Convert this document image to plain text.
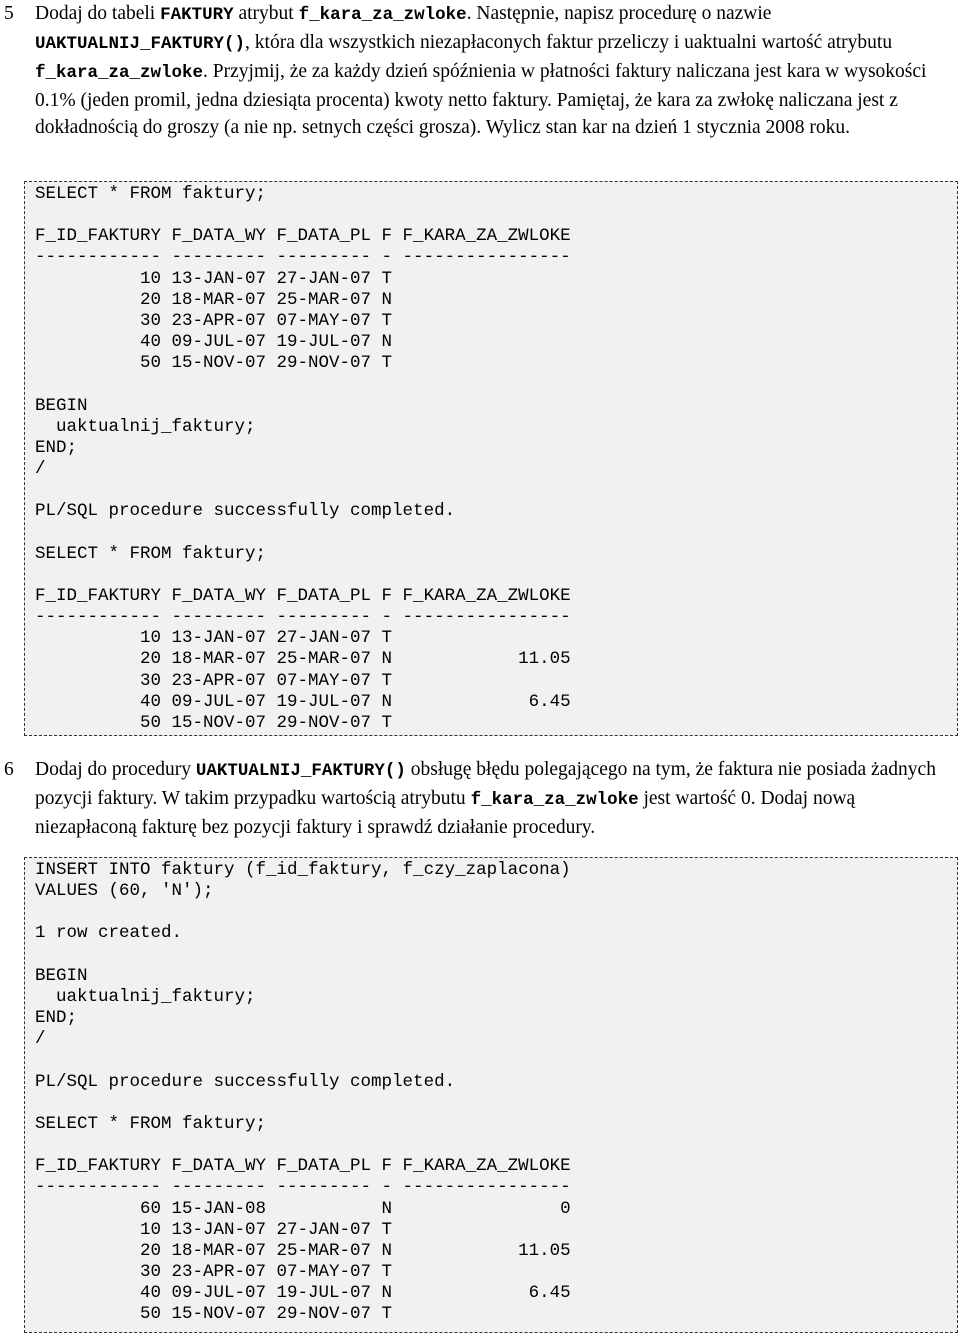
5 Dodaj do tabeli FAKTURY atrybut f_kara_za_zwloke. Następnie, napisz procedurę o nazwie UAKTUALNIJ_FAKTURY(), która dla wszystkich niezapłaconych faktur przeliczy i uaktualni wartość atrybutu f_kara_za_zwloke. Przyjmij, że za każdy dzień spóźnienia w płatności faktury naliczana jest kara w wysokości 0.1% (jeden promil, jedna dziesiąta procenta) kwoty netto faktury. Pamiętaj, że kara za zwłokę naliczana jest z dokładnością do groszy (a nie np. setnych części grosza). Wylicz stan kar na dzień 1 stycznia 2008 roku.
SELECT * FROM faktury;

F_ID_FAKTURY F_DATA_WY F_DATA_PL F F_KARA_ZA_ZWLOKE
------------ --------- --------- - ----------------
10 13-JAN-07 27-JAN-07 T
20 18-MAR-07 25-MAR-07 N
30 23-APR-07 07-MAY-07 T
40 09-JUL-07 19-JUL-07 N
50 15-NOV-07 29-NOV-07 T

BEGIN
uaktualnij_faktury;
END;
/

PL/SQL procedure successfully completed.

SELECT * FROM faktury;

F_ID_FAKTURY F_DATA_WY F_DATA_PL F F_KARA_ZA_ZWLOKE
------------ --------- --------- - ----------------
10 13-JAN-07 27-JAN-07 T
20 18-MAR-07 25-MAR-07 N            11.05
30 23-APR-07 07-MAY-07 T
40 09-JUL-07 19-JUL-07 N             6.45
50 15-NOV-07 29-NOV-07 T
6 Dodaj do procedury UAKTUALNIJ_FAKTURY() obsługę błędu polegającego na tym, że faktura nie posiada żadnych pozycji faktury. W takim przypadku wartością atrybutu f_kara_za_zwloke jest wartość 0. Dodaj nową niezapłaconą fakturę bez pozycji faktury i sprawdź działanie procedury.
INSERT INTO faktury (f_id_faktury, f_czy_zaplacona)
VALUES (60, 'N');

1 row created.

BEGIN
uaktualnij_faktury;
END;
/

PL/SQL procedure successfully completed.

SELECT * FROM faktury;

F_ID_FAKTURY F_DATA_WY F_DATA_PL F F_KARA_ZA_ZWLOKE
------------ --------- --------- - ----------------
60 15-JAN-08           N                0
10 13-JAN-07 27-JAN-07 T
20 18-MAR-07 25-MAR-07 N            11.05
30 23-APR-07 07-MAY-07 T
40 09-JUL-07 19-JUL-07 N             6.45
50 15-NOV-07 29-NOV-07 T
